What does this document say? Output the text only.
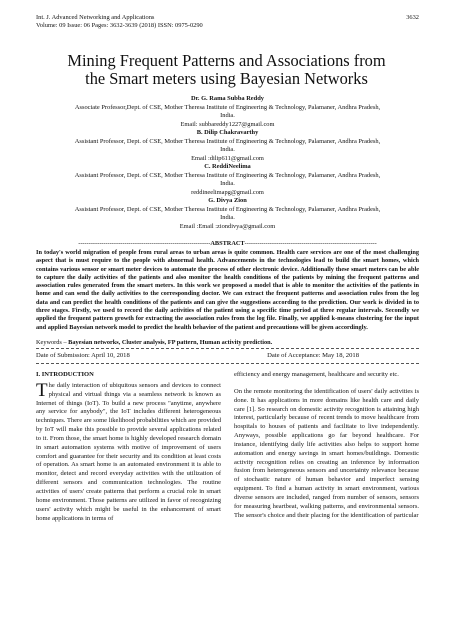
Int. J. Advanced Networking and Applications
Volume: 09 Issue: 06 Pages: 3632-3639 (2018) ISSN: 0975-0290
3632
Mining Frequent Patterns and Associations from
the Smart meters using Bayesian Networks
Dr. G. Rama Subba Reddy
Associate Professor,Dept. of CSE, Mother Theresa Institute of Engineering & Technology, Palamaner, Andhra Pradesh,
India.
Email: subbareddy1227@gmail.com
B. Dilip Chakravarthy
Assistant Professor, Dept. of CSE, Mother Theresa Institute of Engineering & Technology, Palamaner, Andhra Pradesh,
India.
Email :dilip611@gmail.com
C. ReddiNeelima
Assistant Professor, Dept. of CSE, Mother Theresa Institute of Engineering & Technology, Palamaner, Andhra Pradesh,
India.
reddineelimapg@gmail.com
G. Divya Zion
Assistant Professor, Dept. of CSE, Mother Theresa Institute of Engineering & Technology, Palamaner, Andhra Pradesh,
India.
Email :Email :ziondivya@gmail.com
---------------------------------------------------------------ABSTRACT---------------------------------------------------------------
In today's world migration of people from rural areas to urban areas is quite common. Health care services are one of the most challenging aspect that is must require to the people with abnormal health. Advancements in the technologies lead to build the smart homes, which contains various sensor or smart meter devices to automate the process of other electronic device. Additionally these smart meters can be able to capture the daily activities of the patients and also monitor the health conditions of the patients by mining the frequent patterns and association rules generated from the smart meters. In this work we proposed a model that is able to monitor the activities of the patients in home and can send the daily activities to the corresponding doctor. We can extract the frequent patterns and association rules from the log data and can predict the health conditions of the patients and can give the suggestions according to the prediction. Our work is divided in to three stages. Firstly, we used to record the daily activities of the patient using a specific time period at three regular intervals. Secondly we applied the frequent pattern growth for extracting the association rules from the log file. Finally, we applied k-means clustering for the input and applied Bayesian network model to predict the health behavior of the patient and precautions will be given accordingly.
Keywords – Bayesian networks, Cluster analysis, FP pattern, Human activity prediction.
Date of Submission: April 10, 2018	Date of Acceptance: May 18, 2018
I. INTRODUCTION

The daily interaction of ubiquitous sensors and devices to connect physical and virtual things via a seamless network is known as Internet of things (IoT). To build a new process "anytime, anywhere any service for anybody", the IoT includes different heterogeneous techniques. There are some likelihood probabilities which are provided by IoT will make this possible to provide several applications related to it. From those, the smart home is highly developed research domain in smart automation systems with motive of improvement of users comfort and guarantee for their security and its condition at least costs of operation. As smart home is an automated environment it is able to monitor, detect and record everyday activities with the utilization of different sensors and communication technologies. The routine activities of users' create patterns that perform a crucial role in smart home environment. Those patterns are utilized in favor of recognizing users' activity which might be useful in the enhancement of smart home applications in terms of

efficiency and energy management, healthcare and security etc.

On the remote monitoring the identification of users' daily activities is done. It has applications in more domains like health care and daily care [1]. So research on domestic activity recognition is attaining high interest, particularly because of recent trends to move healthcare from hospitals to houses of patients and facilitate to live independently. Anyways, possible applications go far beyond healthcare. For instance, identifying daily life activities also helps to support home automation and energy savings in smart homes/buildings. Domestic activity recognition relies on creating an inference by information fusion from heterogeneous sensors and uncertainty relevance because of stochastic nature of human behavior and imperfect sensing equipment. To find a human activity in smart environment, various diverse sensors are included, ranged from number of sensors, sensors for measuring heartbeat, walking patterns, and environmental sensors. The sensor's choice and their placing for the identification of particular
